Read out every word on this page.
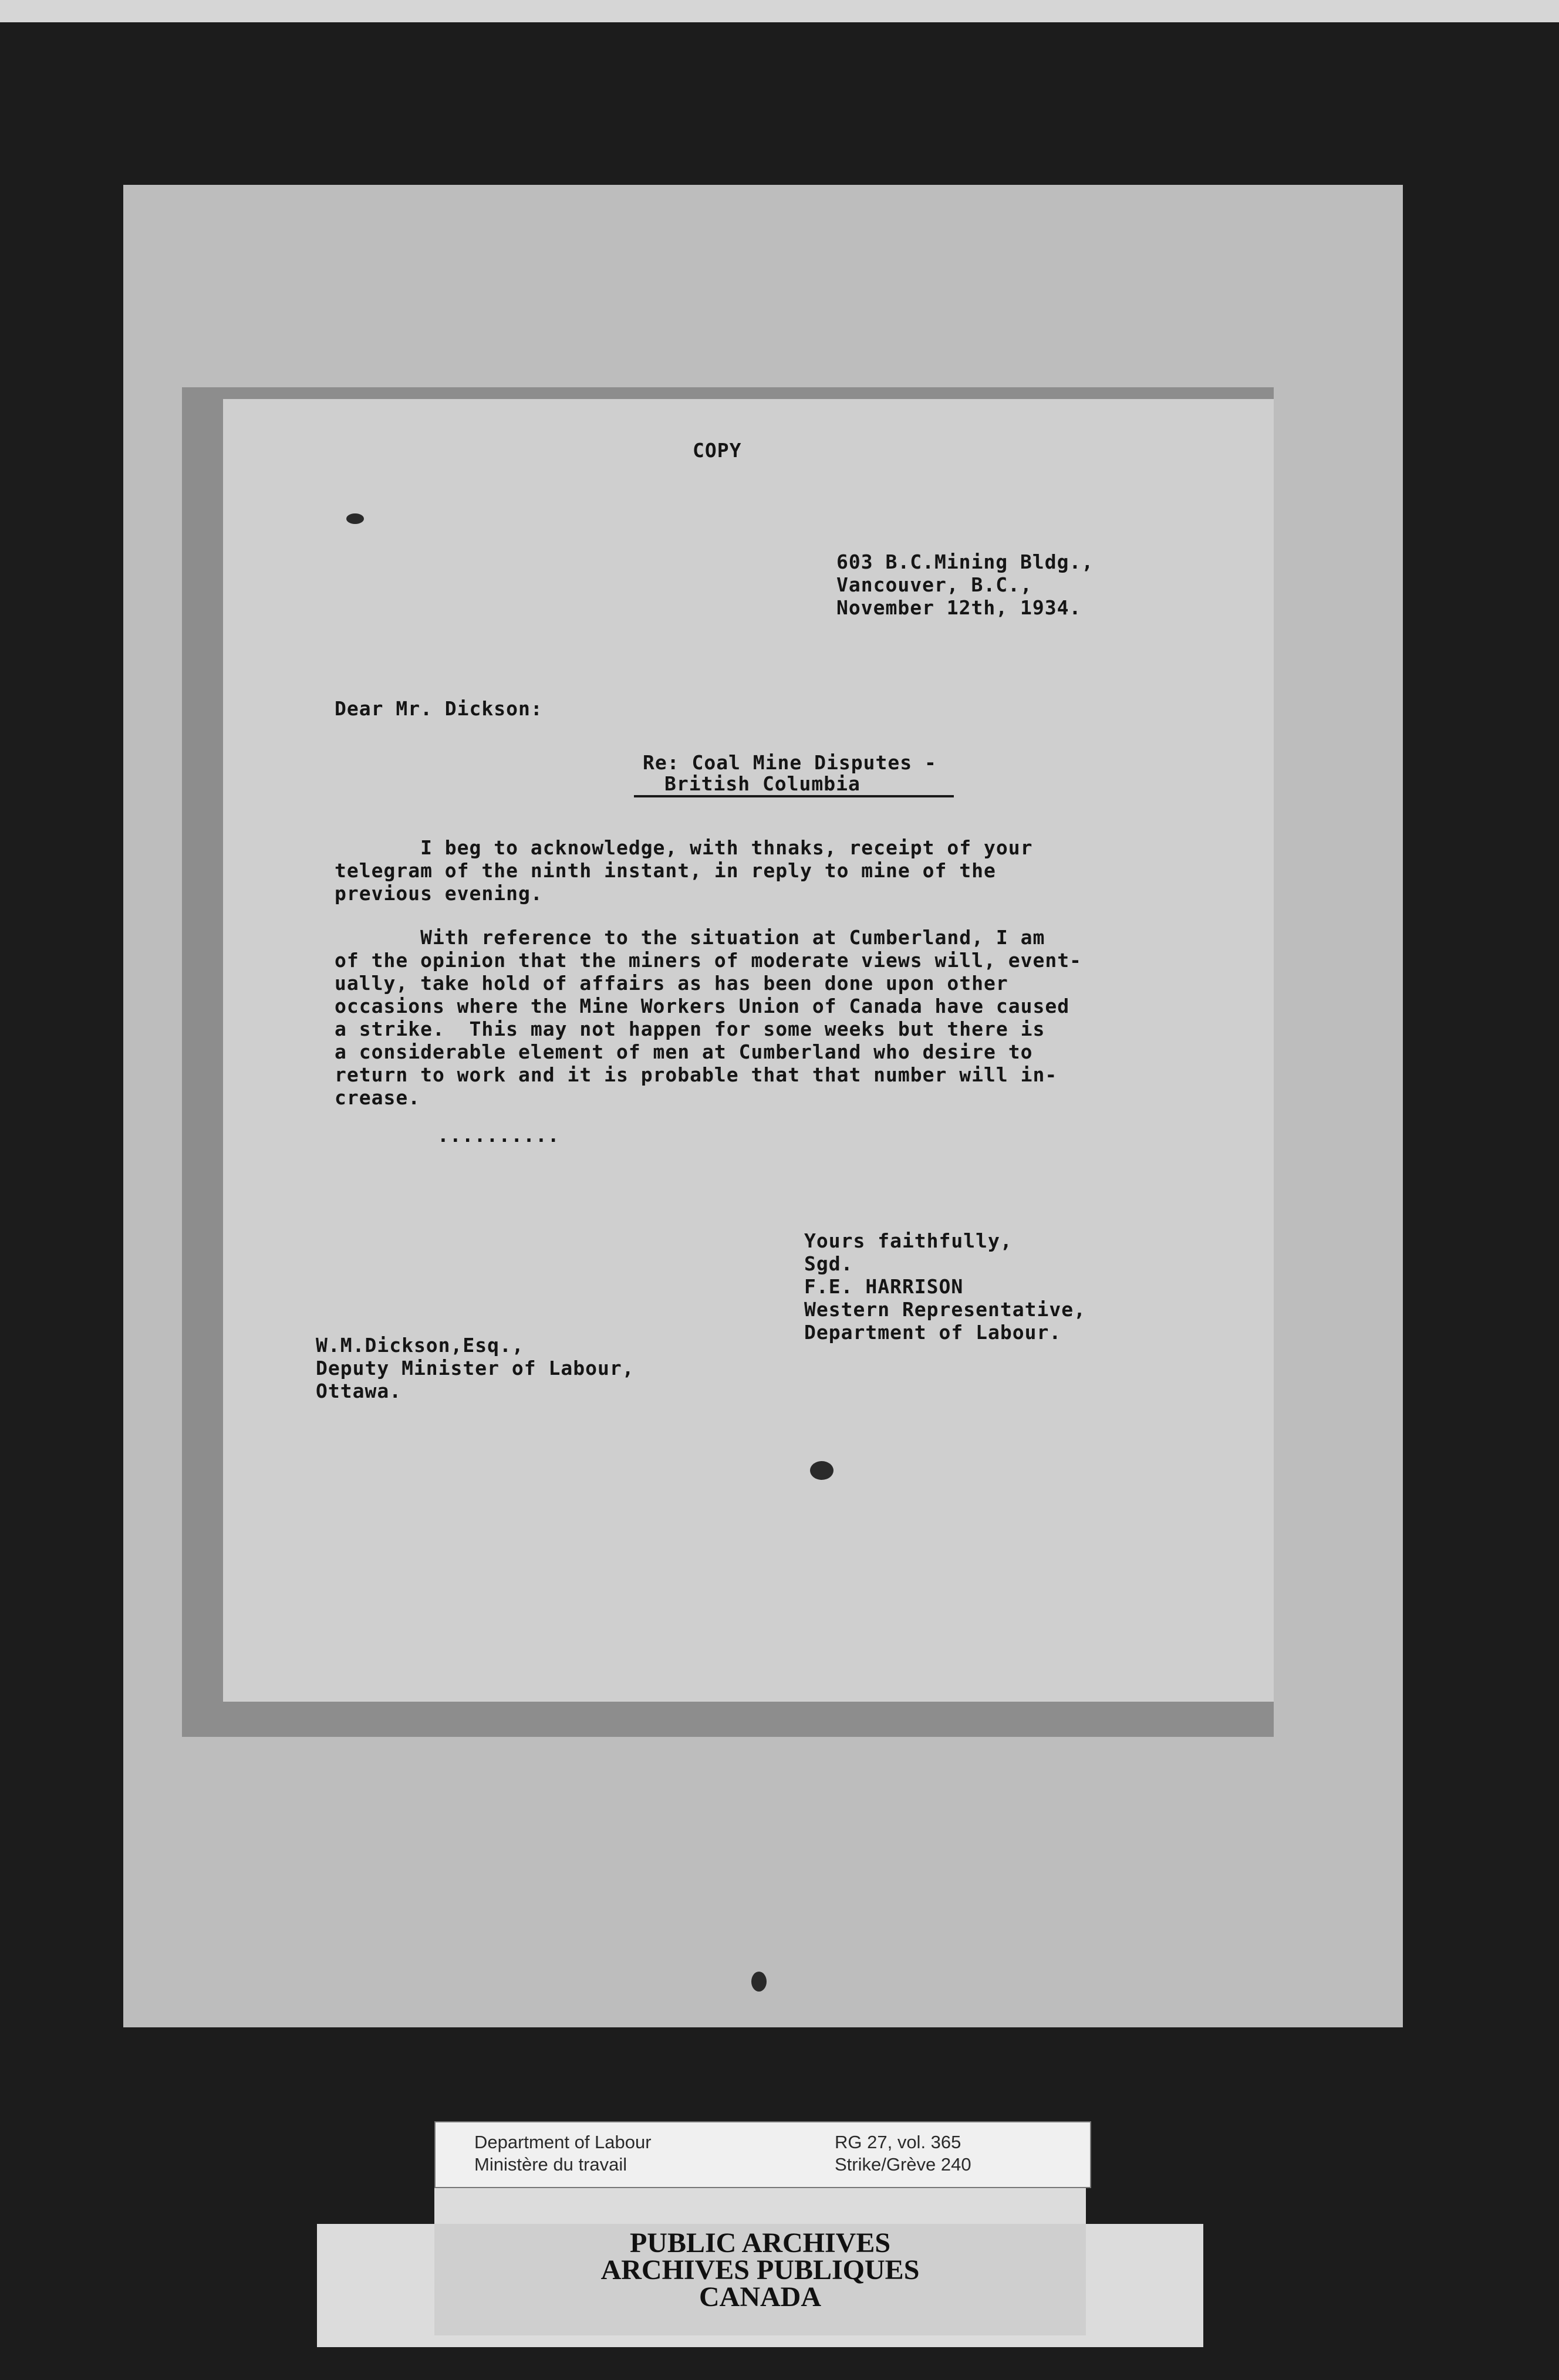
COPY
603 B.C.Mining Bldg.,
Vancouver, B.C.,
November 12th, 1934.
Dear Mr. Dickson:
Re: Coal Mine Disputes -
British Columbia
I beg to acknowledge, with thnaks, receipt of your
telegram of the ninth instant, in reply to mine of the
previous evening.
With reference to the situation at Cumberland, I am
of the opinion that the miners of moderate views will, event-
ually, take hold of affairs as has been done upon other
occasions where the Mine Workers Union of Canada have caused
a strike.  This may not happen for some weeks but there is
a considerable element of men at Cumberland who desire to
return to work and it is probable that that number will in-
crease.
..........
Yours faithfully,
Sgd.
F.E. HARRISON
Western Representative,
Department of Labour.
W.M.Dickson,Esq.,
Deputy Minister of Labour,
Ottawa.
PUBLIC ARCHIVES
ARCHIVES PUBLIQUES
CANADA
Department of Labour
Ministère du travail
RG 27, vol. 365
Strike/Grève 240
